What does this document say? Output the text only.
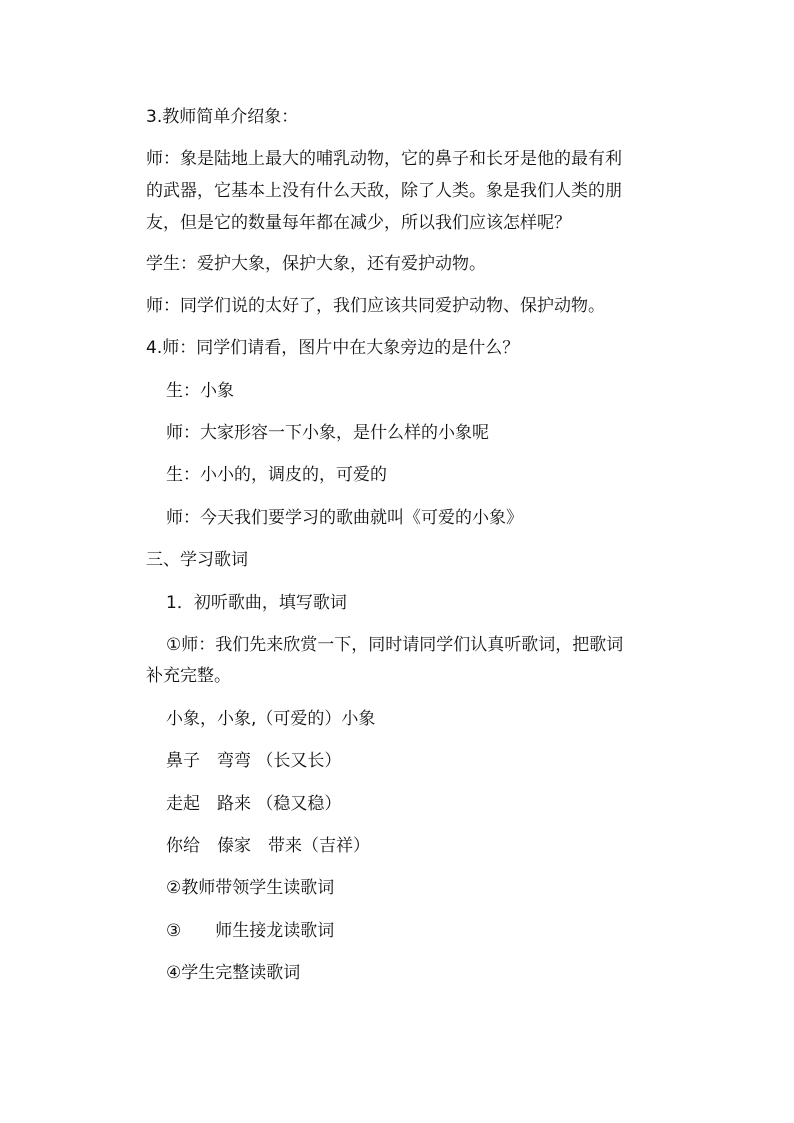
3.教师简单介绍象：

师：象是陆地上最大的哺乳动物，它的鼻子和长牙是他的最有利

的武器，它基本上没有什么天敌，除了人类。象是我们人类的朋

友，但是它的数量每年都在减少，所以我们应该怎样呢？

学生：爱护大象，保护大象，还有爱护动物。

师：同学们说的太好了，我们应该共同爱护动物、保护动物。

4.师：同学们请看，图片中在大象旁边的是什么？

生：小象

师：大家形容一下小象，是什么样的小象呢

生：小小的，调皮的，可爱的

师：今天我们要学习的歌曲就叫《可爱的小象》

三、学习歌词

1．初听歌曲，填写歌词

①师：我们先来欣赏一下，同时请同学们认真听歌词，把歌词

补充完整。

小象，小象,（可爱的）小象

鼻子　弯弯 （长又长）

走起　路来 （稳又稳）

你给　傣家　带来（吉祥）

②教师带领学生读歌词

③　　师生接龙读歌词

④学生完整读歌词
